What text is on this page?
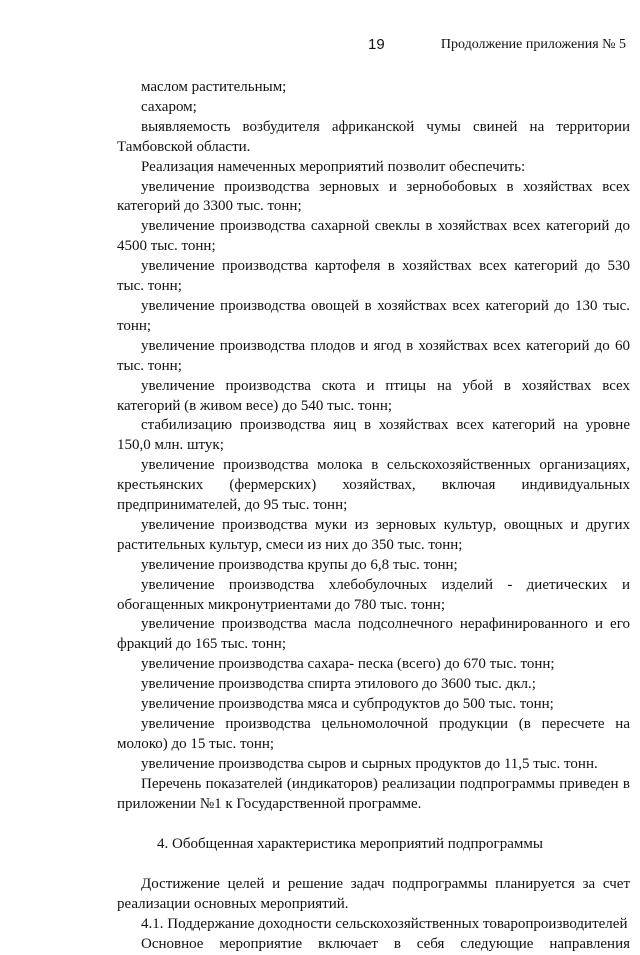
19	Продолжение приложения № 5

маслом растительным;

сахаром;

выявляемость возбудителя африканской чумы свиней на территории Тамбовской области.

Реализация намеченных мероприятий позволит обеспечить:

увеличение производства зерновых и зернобобовых в хозяйствах всех категорий до 3300 тыс. тонн;

увеличение производства сахарной свеклы в хозяйствах всех категорий до 4500 тыс. тонн;

увеличение производства картофеля в хозяйствах всех категорий до 530 тыс. тонн;

увеличение производства овощей в хозяйствах всех категорий до 130 тыс. тонн;

увеличение производства плодов и ягод в хозяйствах всех категорий до 60 тыс. тонн;

увеличение производства скота и птицы на убой в хозяйствах всех категорий (в живом весе) до 540 тыс. тонн;

стабилизацию производства яиц в хозяйствах всех категорий на уровне 150,0 млн. штук;

увеличение производства молока в сельскохозяйственных организациях, крестьянских (фермерских) хозяйствах, включая индивидуальных предпринимателей, до 95 тыс. тонн;

увеличение производства муки из зерновых культур, овощных и других растительных культур, смеси из них до 350 тыс. тонн;

увеличение производства крупы до 6,8 тыс. тонн;

увеличение производства хлебобулочных изделий - диетических и обогащенных микронутриентами до 780 тыс. тонн;

увеличение производства масла подсолнечного нерафинированного и его фракций до 165 тыс. тонн;

увеличение производства сахара- песка (всего) до 670 тыс. тонн;

увеличение производства спирта этилового до 3600 тыс. дкл.;

увеличение производства мяса и субпродуктов до 500 тыс. тонн;

увеличение производства цельномолочной продукции (в пересчете на молоко) до 15 тыс. тонн;

увеличение производства сыров и сырных продуктов до 11,5 тыс. тонн.

Перечень показателей (индикаторов) реализации подпрограммы приведен в приложении №1 к Государственной программе.

4. Обобщенная характеристика мероприятий подпрограммы

Достижение целей и решение задач подпрограммы планируется за счет реализации основных мероприятий.

4.1. Поддержание доходности сельскохозяйственных товаропроизводителей

Основное мероприятие включает в себя следующие направления
